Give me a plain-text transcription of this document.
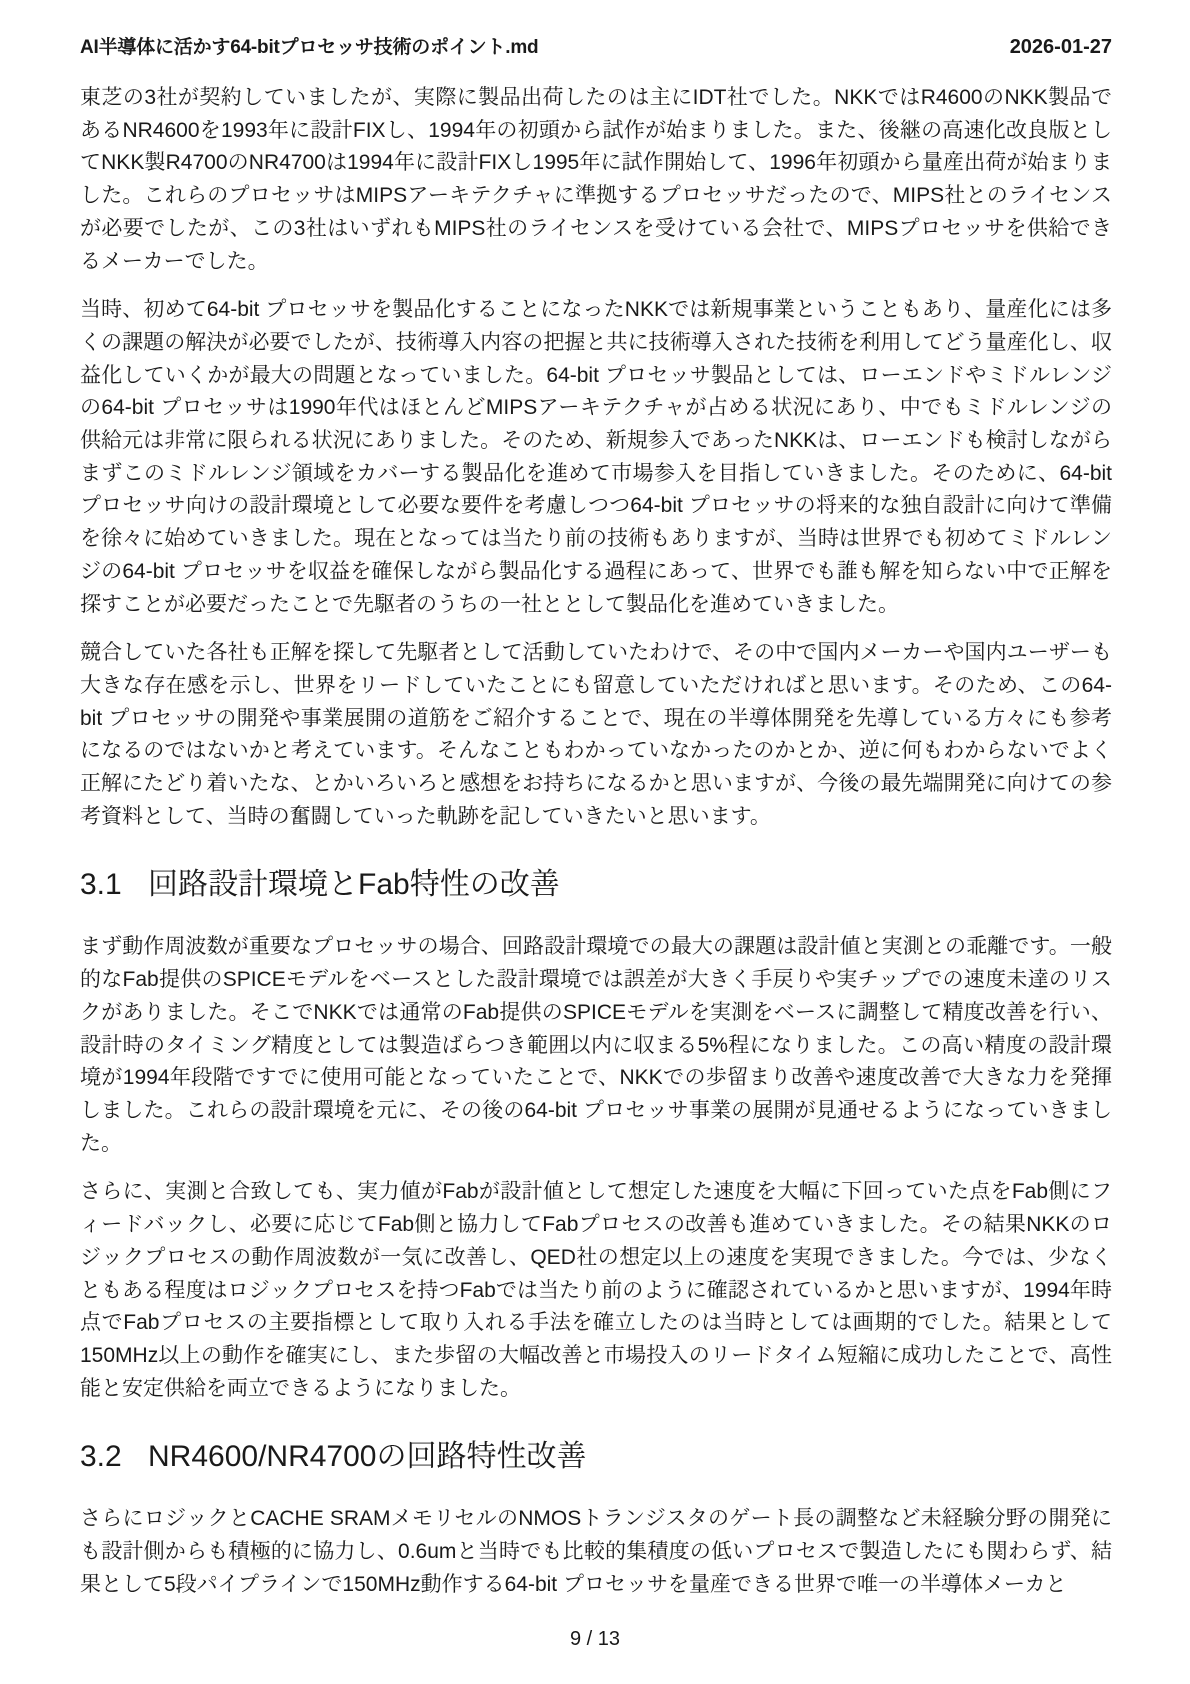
AI半導体に活かす64-bitプロセッサ技術のポイント.md	2026-01-27

東芝の3社が契約していましたが、実際に製品出荷したのは主にIDT社でした。NKKではR4600のNKK製品であるNR4600を1993年に設計FIXし、1994年の初頭から試作が始まりました。また、後継の高速化改良版としてNKK製R4700のNR4700は1994年に設計FIXし1995年に試作開始して、1996年初頭から量産出荷が始まりました。これらのプロセッサはMIPSアーキテクチャに準拠するプロセッサだったので、MIPS社とのライセンスが必要でしたが、この3社はいずれもMIPS社のライセンスを受けている会社で、MIPSプロセッサを供給できるメーカーでした。

当時、初めて64-bit プロセッサを製品化することになったNKKでは新規事業ということもあり、量産化には多くの課題の解決が必要でしたが、技術導入内容の把握と共に技術導入された技術を利用してどう量産化し、収益化していくかが最大の問題となっていました。64-bit プロセッサ製品としては、ローエンドやミドルレンジの64-bit プロセッサは1990年代はほとんどMIPSアーキテクチャが占める状況にあり、中でもミドルレンジの供給元は非常に限られる状況にありました。そのため、新規参入であったNKKは、ローエンドも検討しながらまずこのミドルレンジ領域をカバーする製品化を進めて市場参入を目指していきました。そのために、64-bit プロセッサ向けの設計環境として必要な要件を考慮しつつ64-bit プロセッサの将来的な独自設計に向けて準備を徐々に始めていきました。現在となっては当たり前の技術もありますが、当時は世界でも初めてミドルレンジの64-bit プロセッサを収益を確保しながら製品化する過程にあって、世界でも誰も解を知らない中で正解を探すことが必要だったことで先駆者のうちの一社ととして製品化を進めていきました。

競合していた各社も正解を探して先駆者として活動していたわけで、その中で国内メーカーや国内ユーザーも大きな存在感を示し、世界をリードしていたことにも留意していただければと思います。そのため、この64-bit プロセッサの開発や事業展開の道筋をご紹介することで、現在の半導体開発を先導している方々にも参考になるのではないかと考えています。そんなこともわかっていなかったのかとか、逆に何もわからないでよく正解にたどり着いたな、とかいろいろと感想をお持ちになるかと思いますが、今後の最先端開発に向けての参考資料として、当時の奮闘していった軌跡を記していきたいと思います。

3.1 回路設計環境とFab特性の改善

まず動作周波数が重要なプロセッサの場合、回路設計環境での最大の課題は設計値と実測との乖離です。一般的なFab提供のSPICEモデルをベースとした設計環境では誤差が大きく手戻りや実チップでの速度未達のリスクがありました。そこでNKKでは通常のFab提供のSPICEモデルを実測をベースに調整して精度改善を行い、設計時のタイミング精度としては製造ばらつき範囲以内に収まる5%程になりました。この高い精度の設計環境が1994年段階ですでに使用可能となっていたことで、NKKでの歩留まり改善や速度改善で大きな力を発揮しました。これらの設計環境を元に、その後の64-bit プロセッサ事業の展開が見通せるようになっていきました。

さらに、実測と合致しても、実力値がFabが設計値として想定した速度を大幅に下回っていた点をFab側にフィードバックし、必要に応じてFab側と協力してFabプロセスの改善も進めていきました。その結果NKKのロジックプロセスの動作周波数が一気に改善し、QED社の想定以上の速度を実現できました。今では、少なくともある程度はロジックプロセスを持つFabでは当たり前のように確認されているかと思いますが、1994年時点でFabプロセスの主要指標として取り入れる手法を確立したのは当時としては画期的でした。結果として150MHz以上の動作を確実にし、また歩留の大幅改善と市場投入のリードタイム短縮に成功したことで、高性能と安定供給を両立できるようになりました。

3.2 NR4600/NR4700の回路特性改善

さらにロジックとCACHE SRAMメモリセルのNMOSトランジスタのゲート長の調整など未経験分野の開発にも設計側からも積極的に協力し、0.6umと当時でも比較的集積度の低いプロセスで製造したにも関わらず、結果として5段パイプラインで150MHz動作する64-bit プロセッサを量産できる世界で唯一の半導体メーカと

9 / 13
